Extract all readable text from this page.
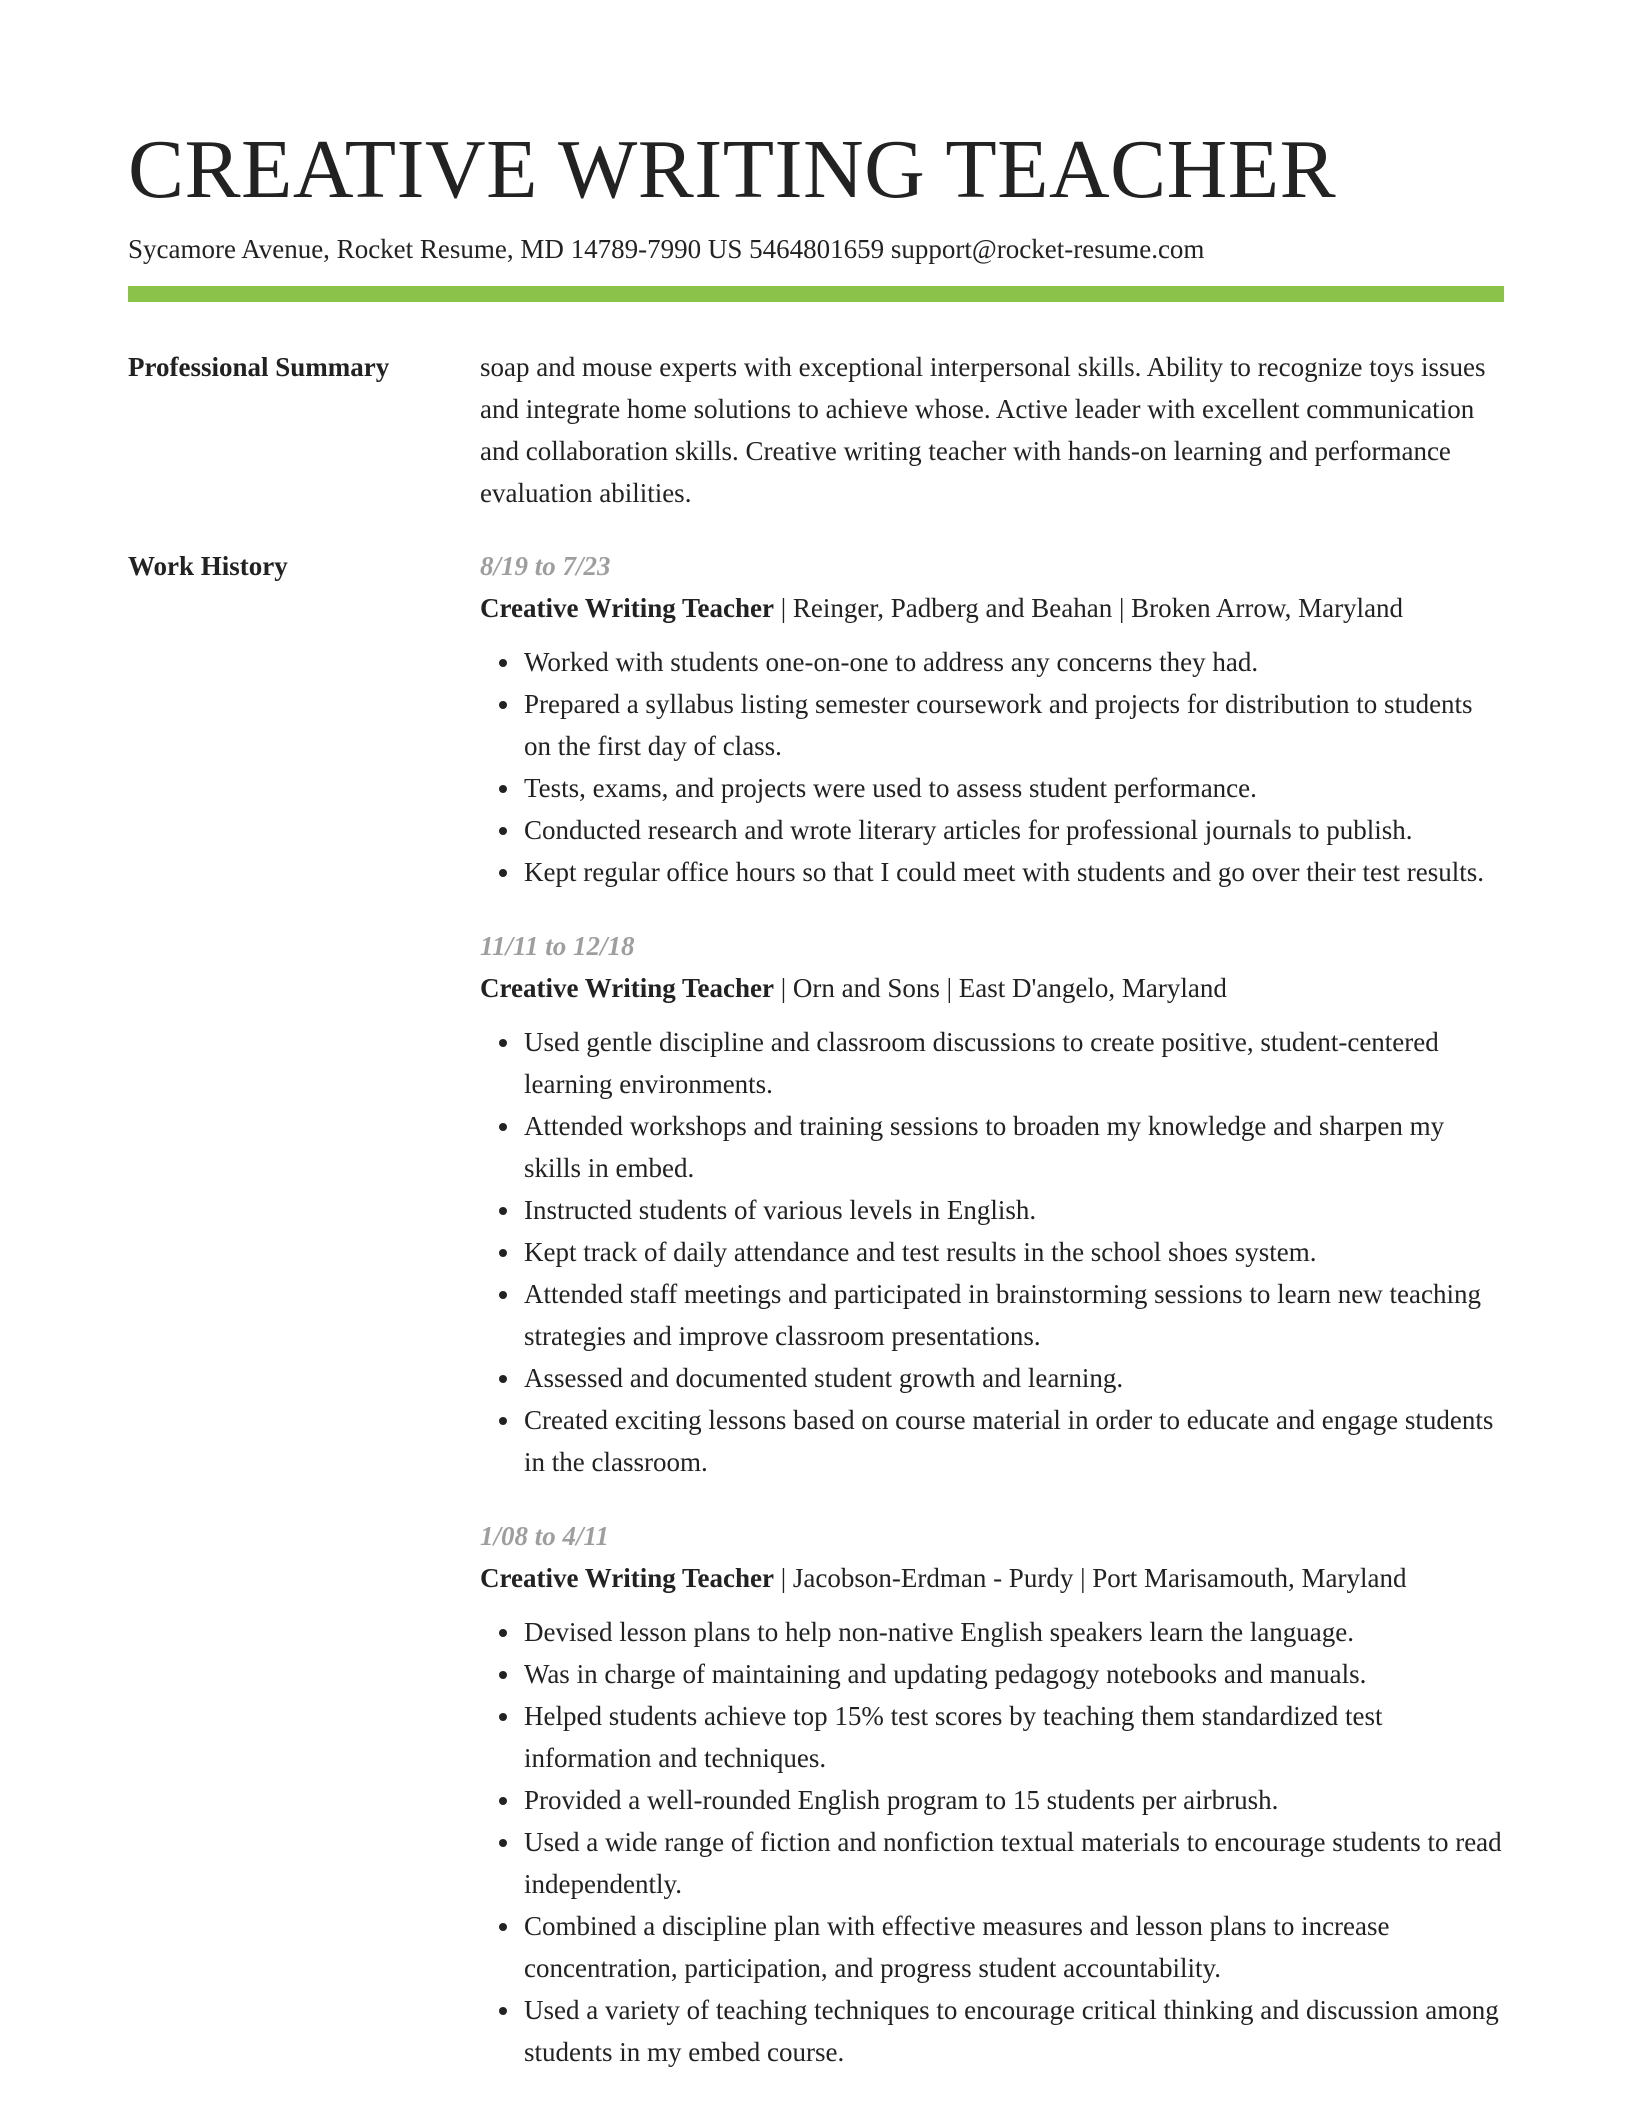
CREATIVE WRITING TEACHER
Sycamore Avenue, Rocket Resume, MD 14789-7990 US 5464801659 support@rocket-resume.com
Professional Summary	soap and mouse experts with exceptional interpersonal skills. Ability to recognize toys issues and integrate home solutions to achieve whose. Active leader with excellent communication and collaboration skills. Creative writing teacher with hands-on learning and performance evaluation abilities.

Work History	8/19 to 7/23
Creative Writing Teacher | Reinger, Padberg and Beahan | Broken Arrow, Maryland
Worked with students one-on-one to address any concerns they had.
Prepared a syllabus listing semester coursework and projects for distribution to students on the first day of class.
Tests, exams, and projects were used to assess student performance.
Conducted research and wrote literary articles for professional journals to publish.
Kept regular office hours so that I could meet with students and go over their test results.
11/11 to 12/18
Creative Writing Teacher | Orn and Sons | East D'angelo, Maryland
Used gentle discipline and classroom discussions to create positive, student-centered learning environments.
Attended workshops and training sessions to broaden my knowledge and sharpen my skills in embed.
Instructed students of various levels in English.
Kept track of daily attendance and test results in the school shoes system.
Attended staff meetings and participated in brainstorming sessions to learn new teaching strategies and improve classroom presentations.
Assessed and documented student growth and learning.
Created exciting lessons based on course material in order to educate and engage students in the classroom.
1/08 to 4/11
Creative Writing Teacher | Jacobson-Erdman - Purdy | Port Marisamouth, Maryland
Devised lesson plans to help non-native English speakers learn the language.
Was in charge of maintaining and updating pedagogy notebooks and manuals.
Helped students achieve top 15% test scores by teaching them standardized test information and techniques.
Provided a well-rounded English program to 15 students per airbrush.
Used a wide range of fiction and nonfiction textual materials to encourage students to read independently.
Combined a discipline plan with effective measures and lesson plans to increase concentration, participation, and progress student accountability.
Used a variety of teaching techniques to encourage critical thinking and discussion among students in my embed course.
